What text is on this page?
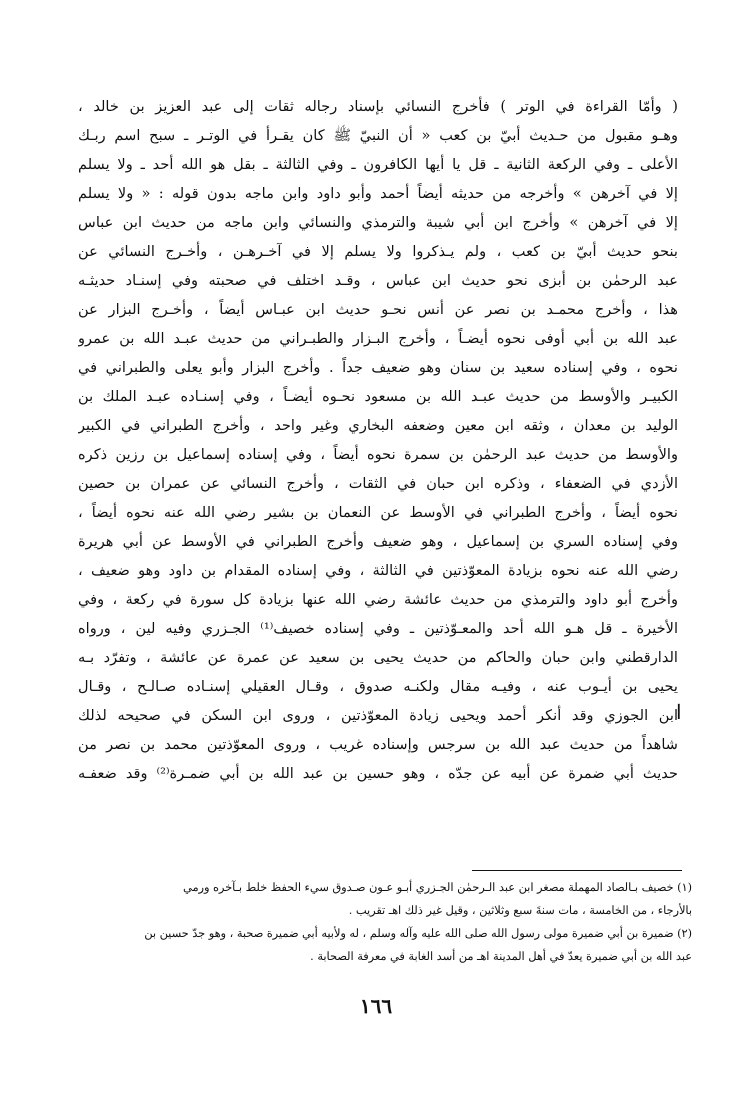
( وأمّا القراءة في الوتر ) فأخرج النسائي بإسناد رجاله ثقات إلى عبد العزيز بن خالد ،
وهـو مقبول من حـديث أبيّ بن كعب « أن النبيّ ﷺ كان يقـرأ في الوتـر ـ سبح اسم ربـك
الأعلى ـ وفي الركعة الثانية ـ قل يا أيها الكافرون ـ وفي الثالثة ـ بقل هو الله أحد ـ ولا يسلم
إلا في آخرهن » وأخرجه من حديثه أيضاً أحمد وأبو داود وابن ماجه بدون قوله : « ولا يسلم
إلا في آخرهن » وأخرج ابن أبي شيبة والترمذي والنسائي وابن ماجه من حديث ابن عباس
بنحو حديث أبيّ بن كعب ، ولم يـذكروا ولا يسلم إلا في آخـرهـن ، وأخـرج النسائي عن
عبد الرحمٰن بن أبزى نحو حديث ابن عباس ، وقـد اختلف في صحبته وفي إسنـاد حديثـه
هذا ، وأخرج محمـد بن نصر عن أنس نحـو حديث ابن عبـاس أيضاً ، وأخـرج البزار عن
عبد الله بن أبي أوفى نحوه أيضـاً ، وأخرج البـزار والطبـراني من حديث عبـد الله بن عمرو
نحوه ، وفي إسناده سعيد بن سنان وهو ضعيف جداً . وأخرج البزار وأبو يعلى والطبراني في
الكبيـر والأوسط من حديث عبـد الله بن مسعود نحـوه أيضـاً ، وفي إسنـاده عبـد الملك بن
الوليد بن معدان ، وثقه ابن معين وضعفه البخاري وغير واحد ، وأخرج الطبراني في الكبير
والأوسط من حديث عبد الرحمٰن بن سمرة نحوه أيضاً ، وفي إسناده إسماعيل بن رزين ذكره
الأزدي في الضعفاء ، وذكره ابن حبان في الثقات ، وأخرج النسائي عن عمران بن حصين
نحوه أيضاً ، وأخرج الطبراني في الأوسط عن النعمان بن بشير رضي الله عنه نحوه أيضاً ،
وفي إسناده السري بن إسماعيل ، وهو ضعيف وأخرج الطبراني في الأوسط عن أبي هريرة
رضي الله عنه نحوه بزيادة المعوّذتين في الثالثة ، وفي إسناده المقدام بن داود وهو ضعيف ،
وأخرج أبو داود والترمذي من حديث عائشة رضي الله عنها بزيادة كل سورة في ركعة ، وفي
الأخيرة ـ قل هـو الله أحد والمعـوّذتين ـ وفي إسناده خصيف⁽¹⁾ الجـزري وفيه لين ، ورواه
الدارقطني وابن حبان والحاكم من حديث يحيى بن سعيد عن عمرة عن عائشة ، وتفرّد بـه
يحيى بن أيـوب عنه ، وفيـه مقال ولكنـه صدوق ، وقـال العقيلي إسنـاده صـالـح ، وقـال
ابن الجوزي وقد أنكر أحمد ويحيى زيادة المعوّذتين ، وروى ابن السكن في صحيحه لذلك
شاهداً من حديث عبد الله بن سرجس وإسناده غريب ، وروى المعوّذتين محمد بن نصر من
حديث أبي ضمرة عن أبيه عن جدّه ، وهو حسين بن عبد الله بن أبي ضمـرة⁽²⁾ وقد ضعفـه
ا
(١) خصيف بـالصاد المهملة مصغر ابن عبد الـرحمٰن الجـزري أبـو عـون صـدوق سيء الحفظ خلط بـآخره ورمي
بالأرجاء ، من الخامسة ، مات سنةَ سبع وثلاثين ، وقيل غير ذلك اهـ تقريب .
(٢) ضميرة بن أبي ضميرة مولى رسول الله صلى الله عليه وآله وسلم ، له ولأبيه أبي ضميرة صحبة ، وهو جدّ حسين بن
عبد الله بن أبي ضميرة يعدّ في أهل المدينة اهـ من أسد الغابة في معرفة الصحابة .
١٦٦
